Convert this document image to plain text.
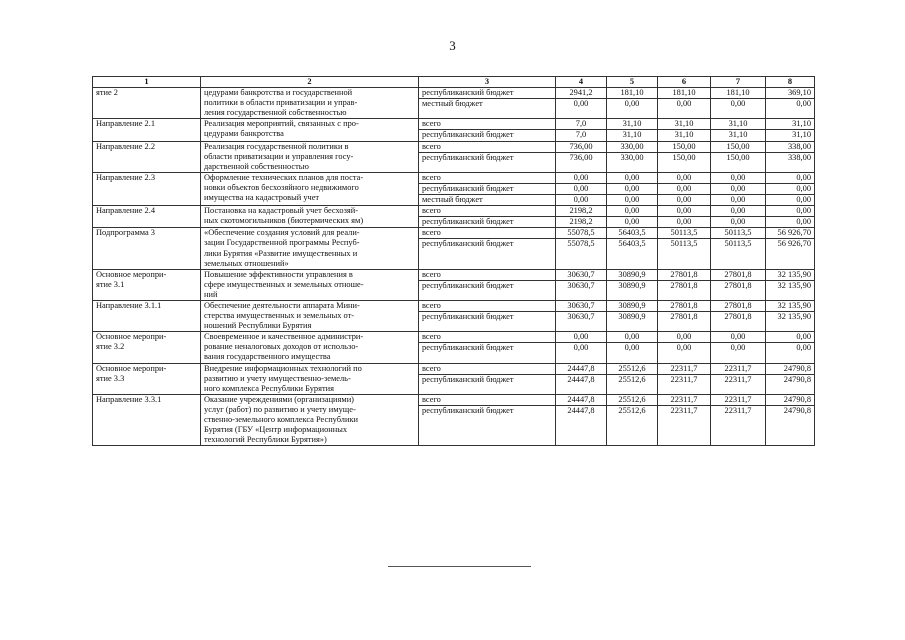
3
1	2	3	4	5	6	7	8

ятие 2	цедурами банкротства и государственной
политики в области приватизации и управ-
ления государственной собственностью	республиканский бюджет	2941,2	181,10	181,10	181,10	369,10
		местный бюджет	0,00	0,00	0,00	0,00	0,00

Направление 2.1	Реализация мероприятий, связанных с про-
цедурами банкротства	всего	7,0	31,10	31,10	31,10	31,10
		республиканский бюджет	7,0	31,10	31,10	31,10	31,10

Направление 2.2	Реализация государственной политики в
области приватизации и управления госу-
дарственной собственностью	всего	736,00	330,00	150,00	150,00	338,00
		республиканский бюджет	736,00	330,00	150,00	150,00	338,00

Направление 2.3	Оформление технических планов для поста-
новки объектов бесхозяйного недвижимого
имущества на кадастровый учет	всего	0,00	0,00	0,00	0,00	0,00
		республиканский бюджет	0,00	0,00	0,00	0,00	0,00
		местный бюджет	0,00	0,00	0,00	0,00	0,00

Направление 2.4	Постановка на кадастровый учет бесхозяй-
ных скотомогильников (биотермических ям)	всего	2198,2	0,00	0,00	0,00	0,00
		республиканский бюджет	2198,2	0,00	0,00	0,00	0,00

Подпрограмма 3	«Обеспечение создания условий для реали-
зации Государственной программы Респуб-
лики Бурятия «Развитие имущественных и
земельных отношений»	всего	55078,5	56403,5	50113,5	50113,5	56 926,70
		республиканский бюджет	55078,5	56403,5	50113,5	50113,5	56 926,70

Основное меропри-
ятие 3.1	Повышение эффективности управления в
сфере имущественных и земельных отноше-
ний	всего	30630,7	30890,9	27801,8	27801,8	32 135,90
		республиканский бюджет	30630,7	30890,9	27801,8	27801,8	32 135,90

Направление 3.1.1	Обеспечение деятельности аппарата Мини-
стерства имущественных и земельных от-
ношений Республики Бурятия	всего	30630,7	30890,9	27801,8	27801,8	32 135,90
		республиканский бюджет	30630,7	30890,9	27801,8	27801,8	32 135,90

Основное меропри-
ятие 3.2	Своевременное и качественное администри-
рование неналоговых доходов от использо-
вания государственного имущества	всего	0,00	0,00	0,00	0,00	0,00
		республиканский бюджет	0,00	0,00	0,00	0,00	0,00

Основное меропри-
ятие 3.3	Внедрение информационных технологий по
развитию и учету имущественно-земель-
ного комплекса Республики Бурятия	всего	24447,8	25512,6	22311,7	22311,7	24790,8
		республиканский бюджет	24447,8	25512,6	22311,7	22311,7	24790,8

Направление 3.3.1	Оказание учреждениями (организациями)
услуг (работ) по развитию и учету имуще-
ственно-земельного комплекса Республики
Бурятия (ГБУ «Центр информационных
технологий Республики Бурятия»)	всего	24447,8	25512,6	22311,7	22311,7	24790,8
		республиканский бюджет	24447,8	25512,6	22311,7	22311,7	24790,8
